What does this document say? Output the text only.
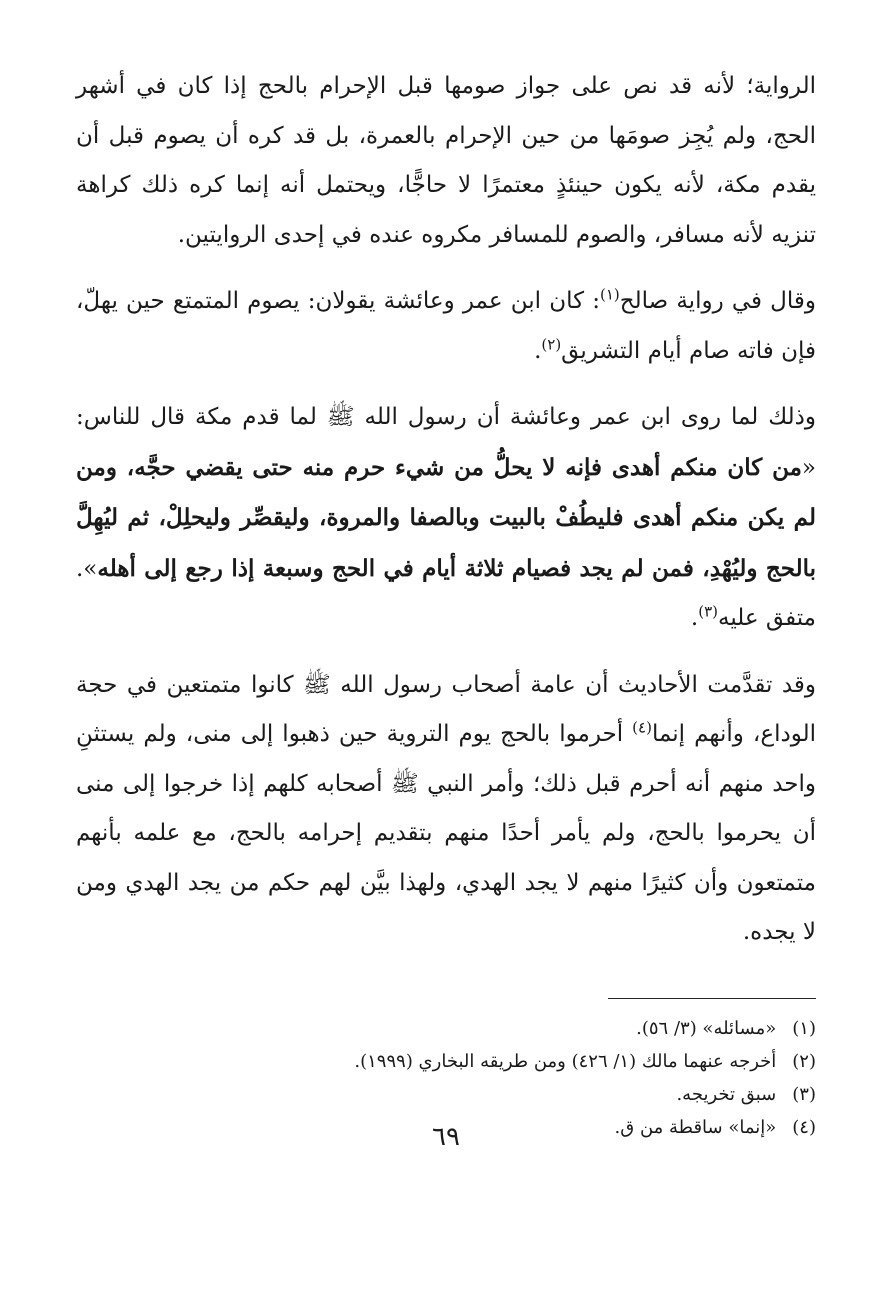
الرواية؛ لأنه قد نص على جواز صومها قبل الإحرام بالحج إذا كان في أشهر الحج، ولم يُجِز صومَها من حين الإحرام بالعمرة، بل قد كره أن يصوم قبل أن يقدم مكة، لأنه يكون حينئذٍ معتمرًا لا حاجًّا، ويحتمل أنه إنما كره ذلك كراهة تنزيه لأنه مسافر، والصوم للمسافر مكروه عنده في إحدى الروايتين.

وقال في رواية صالح$^{(١)}$: كان ابن عمر وعائشة يقولان: يصوم المتمتع حين يهلّ، فإن فاته صام أيام التشريق$^{(٢)}$.

وذلك لما روى ابن عمر وعائشة أن رسول الله ﷺ لما قدم مكة قال للناس: «من كان منكم أهدى فإنه لا يحلُّ من شيء حرم منه حتى يقضي حجَّه، ومن لم يكن منكم أهدى فليطُفْ بالبيت وبالصفا والمروة، وليقصِّر وليحلِلْ، ثم ليُهِلَّ بالحج وليُهْدِ، فمن لم يجد فصيام ثلاثة أيام في الحج وسبعة إذا رجع إلى أهله». متفق عليه$^{(٣)}$.

وقد تقدَّمت الأحاديث أن عامة أصحاب رسول الله ﷺ كانوا متمتعين في حجة الوداع، وأنهم إنما$^{(٤)}$ أحرموا بالحج يوم التروية حين ذهبوا إلى منى، ولم يستثنِ واحد منهم أنه أحرم قبل ذلك؛ وأمر النبي ﷺ أصحابه كلهم إذا خرجوا إلى منى أن يحرموا بالحج، ولم يأمر أحدًا منهم بتقديم إحرامه بالحج، مع علمه بأنهم متمتعون وأن كثيرًا منهم لا يجد الهدي، ولهذا بيَّن لهم حكم من يجد الهدي ومن لا يجده.

(١) «مسائله» (٣/ ٥٦).

(٢) أخرجه عنهما مالك (١/ ٤٢٦) ومن طريقه البخاري (١٩٩٩).

(٣) سبق تخريجه.

(٤) «إنما» ساقطة من ق.

٦٩
